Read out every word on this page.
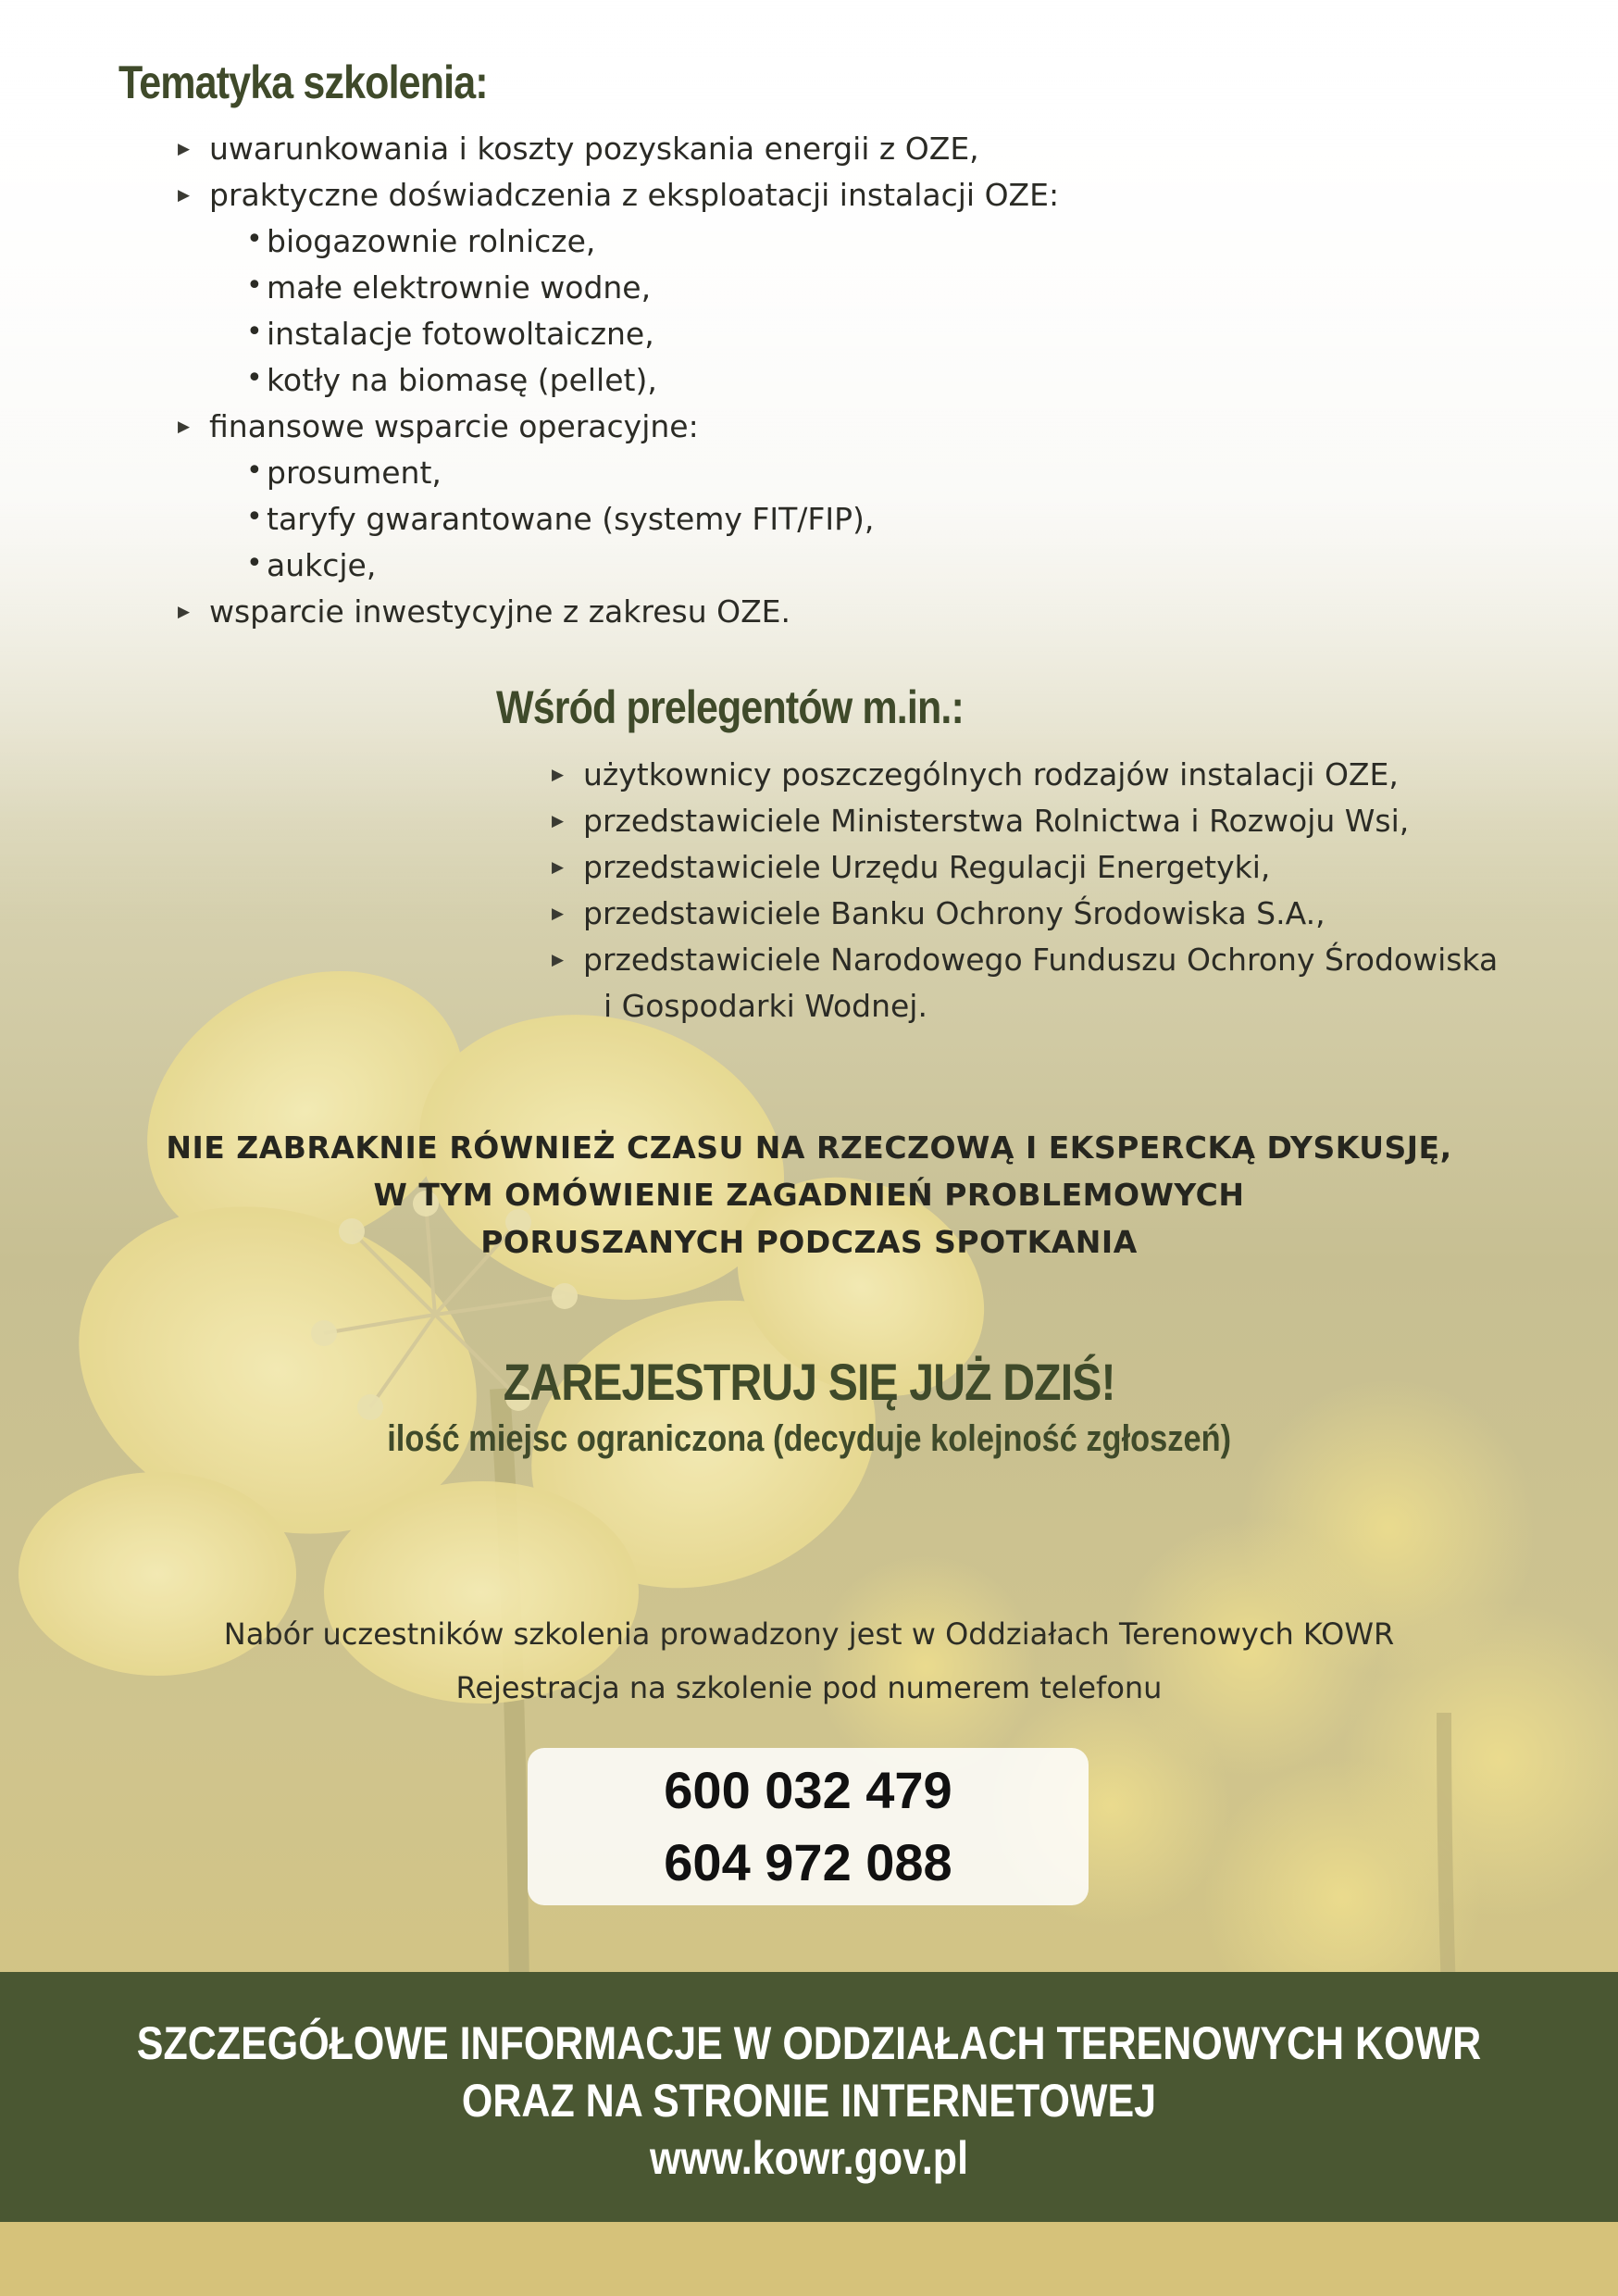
Tematyka szkolenia:
▶ uwarunkowania i koszty pozyskania energii z OZE,
▶ praktyczne doświadczenia z eksploatacji instalacji OZE:
• biogazownie rolnicze,
• małe elektrownie wodne,
• instalacje fotowoltaiczne,
• kotły na biomasę (pellet),
▶ finansowe wsparcie operacyjne:
• prosument,
• taryfy gwarantowane (systemy FIT/FIP),
• aukcje,
▶ wsparcie inwestycyjne z zakresu OZE.
Wśród prelegentów m.in.:
▶ użytkownicy poszczególnych rodzajów instalacji OZE,
▶ przedstawiciele Ministerstwa Rolnictwa i Rozwoju Wsi,
▶ przedstawiciele Urzędu Regulacji Energetyki,
▶ przedstawiciele Banku Ochrony Środowiska S.A.,
▶ przedstawiciele Narodowego Funduszu Ochrony Środowiska
i Gospodarki Wodnej.
NIE ZABRAKNIE RÓWNIEŻ CZASU NA RZECZOWĄ I EKSPERCKĄ DYSKUSJĘ,
W TYM OMÓWIENIE ZAGADNIEŃ PROBLEMOWYCH
PORUSZANYCH PODCZAS SPOTKANIA
ZAREJESTRUJ SIĘ JUŻ DZIŚ!
ilość miejsc ograniczona (decyduje kolejność zgłoszeń)
Nabór uczestników szkolenia prowadzony jest w Oddziałach Terenowych KOWR
Rejestracja na szkolenie pod numerem telefonu
600 032 479
604 972 088
SZCZEGÓŁOWE INFORMACJE W ODDZIAŁACH TERENOWYCH KOWR
ORAZ NA STRONIE INTERNETOWEJ
www.kowr.gov.pl
